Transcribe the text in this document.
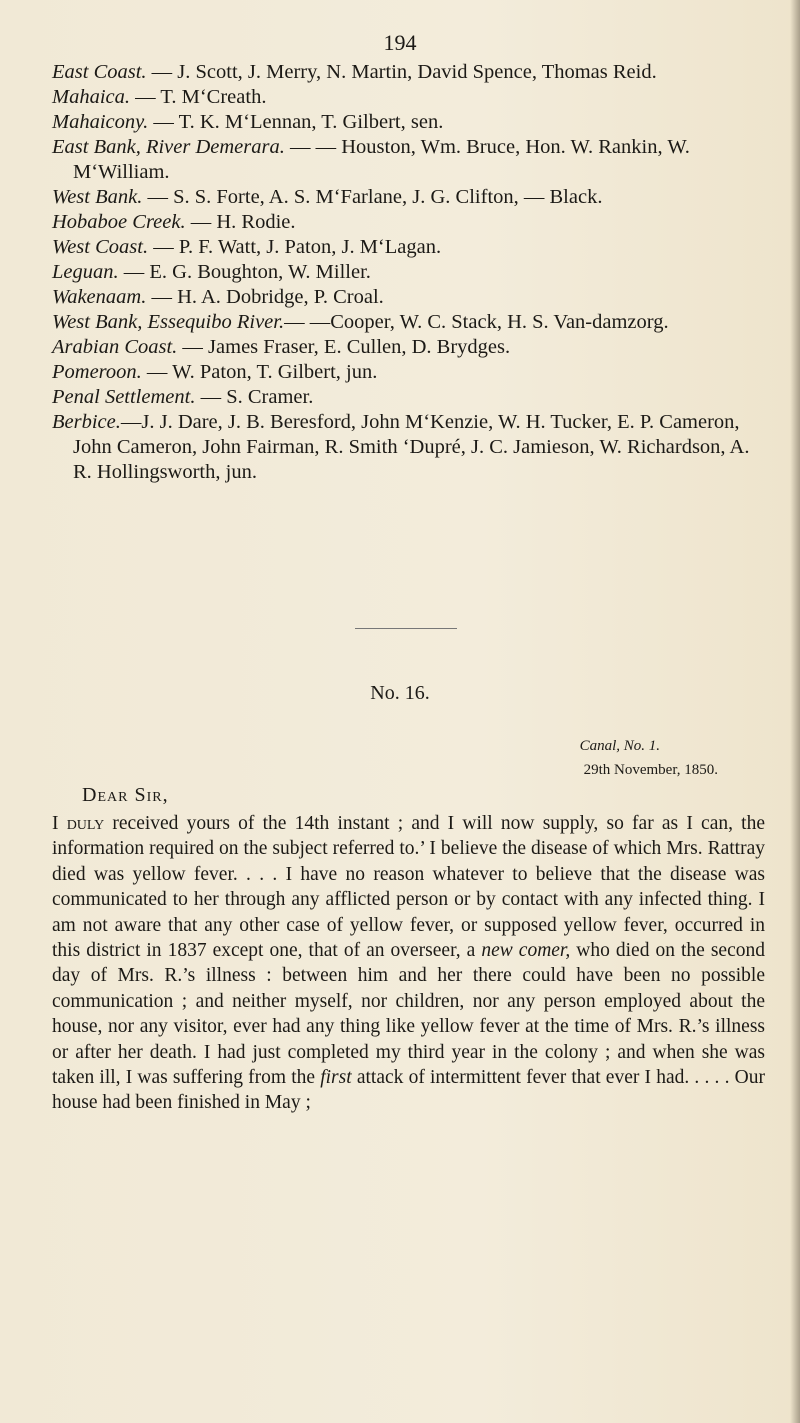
194

East Coast. — J. Scott, J. Merry, N. Martin, David Spence, Thomas Reid.

Mahaica. — T. M‘Creath.

Mahaicony. — T. K. M‘Lennan, T. Gilbert, sen.

East Bank, River Demerara. — — Houston, Wm. Bruce, Hon. W. Rankin, W. M‘William.

West Bank. — S. S. Forte, A. S. M‘Farlane, J. G. Clifton, — Black.

Hobaboe Creek. — H. Rodie.

West Coast. — P. F. Watt, J. Paton, J. M‘Lagan.

Leguan. — E. G. Boughton, W. Miller.

Wakenaam. — H. A. Dobridge, P. Croal.

West Bank, Essequibo River.— —Cooper, W. C. Stack, H. S. Van-damzorg.

Arabian Coast. — James Fraser, E. Cullen, D. Brydges.

Pomeroon. — W. Paton, T. Gilbert, jun.

Penal Settlement. — S. Cramer.

Berbice.—J. J. Dare, J. B. Beresford, John M‘Kenzie, W. H. Tucker, E. P. Cameron, John Cameron, John Fairman, R. Smith ‘Dupré, J. C. Jamieson, W. Richardson, A. R. Hollingsworth, jun.

No. 16.
Canal, No. 1.
29th November, 1850.
Dear Sir,

I duly received yours of the 14th instant ; and I will now supply, so far as I can, the information required on the subject referred to.’ I believe the disease of which Mrs. Rattray died was yellow fever. . . . I have no reason whatever to believe that the disease was communicated to her through any afflicted person or by contact with any infected thing. I am not aware that any other case of yellow fever, or supposed yellow fever, occurred in this district in 1837 except one, that of an overseer, a new comer, who died on the second day of Mrs. R.’s illness : between him and her there could have been no possible communication ; and neither myself, nor children, nor any person employed about the house, nor any visitor, ever had any thing like yellow fever at the time of Mrs. R.’s illness or after her death. I had just completed my third year in the colony ; and when she was taken ill, I was suffering from the first attack of intermittent fever that ever I had. . . . . Our house had been finished in May ;
